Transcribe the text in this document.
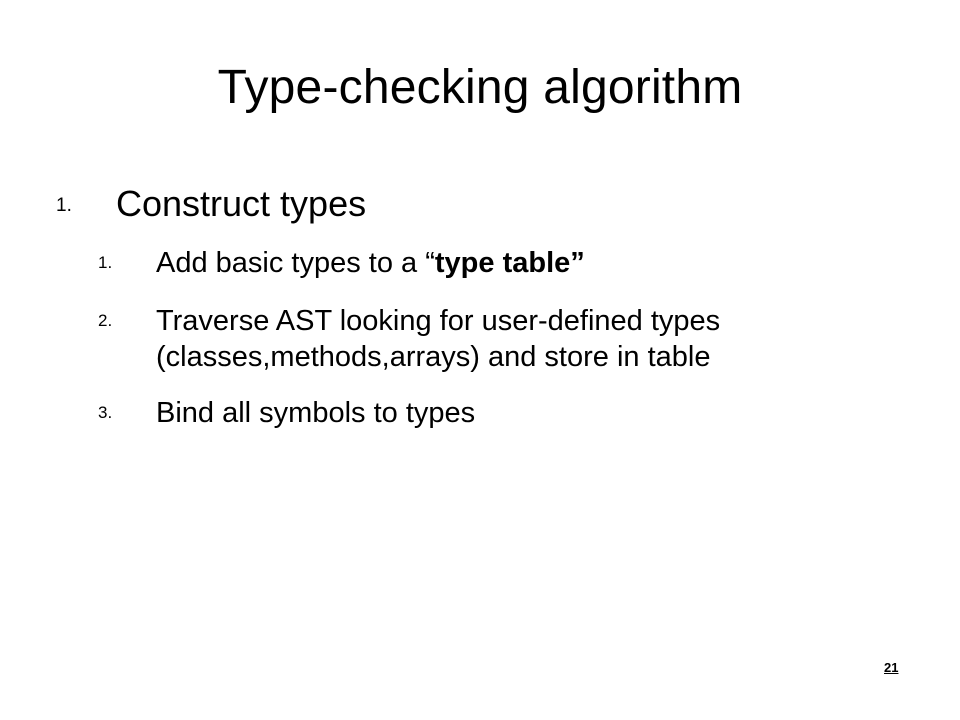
Type-checking algorithm
1. Construct types
1. Add basic types to a “type table”
2. Traverse AST looking for user-defined types
(classes,methods,arrays) and store in table
3. Bind all symbols to types
21
